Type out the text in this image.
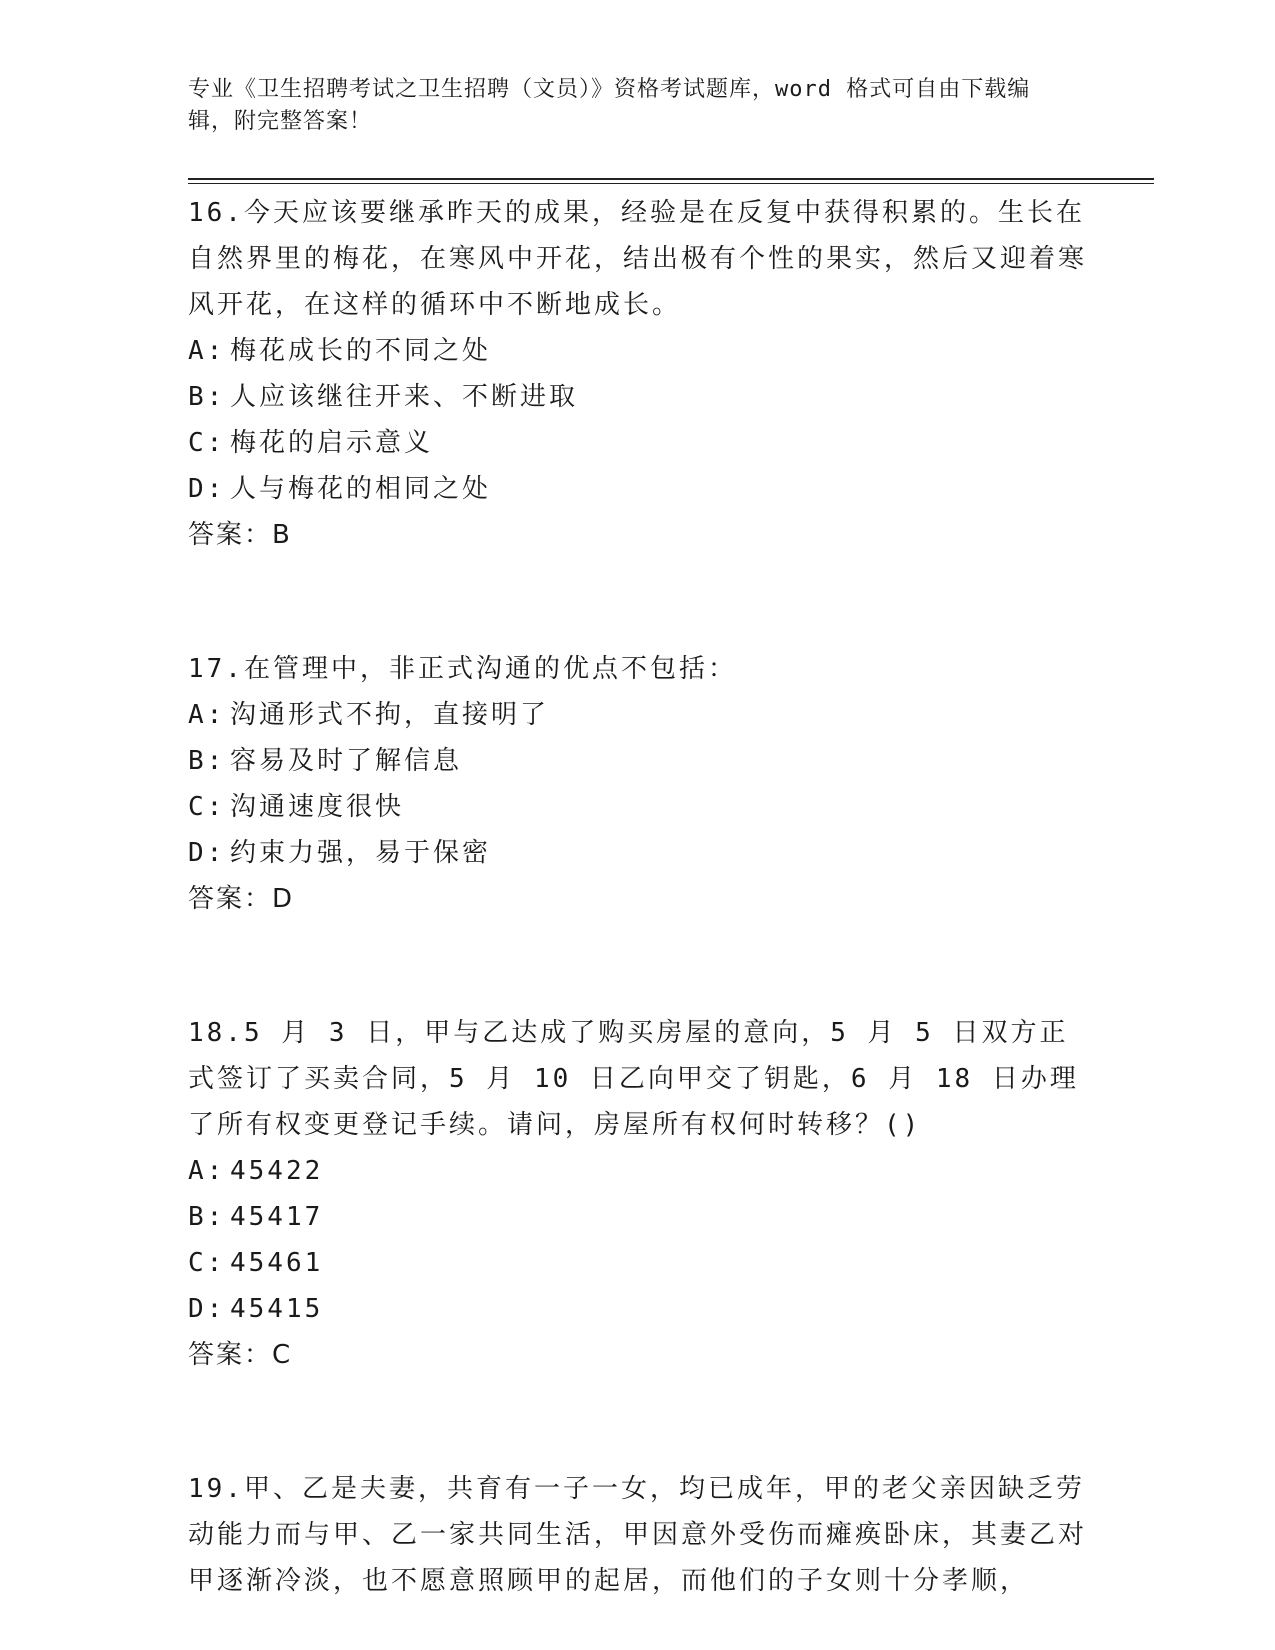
专业《卫生招聘考试之卫生招聘（文员）》资格考试题库，word 格式可自由下载编辑，附完整答案！

16.今天应该要继承昨天的成果，经验是在反复中获得积累的。生长在自然界里的梅花，在寒风中开花，结出极有个性的果实，然后又迎着寒风开花，在这样的循环中不断地成长。

A: 梅花成长的不同之处

B: 人应该继往开来、不断进取

C: 梅花的启示意义

D: 人与梅花的相同之处

答案：B

17.在管理中，非正式沟通的优点不包括：

A: 沟通形式不拘，直接明了

B: 容易及时了解信息

C: 沟通速度很快

D: 约束力强，易于保密

答案：D

18.5 月 3 日，甲与乙达成了购买房屋的意向，5 月 5 日双方正式签订了买卖合同，5 月 10 日乙向甲交了钥匙，6 月 18 日办理了所有权变更登记手续。请问，房屋所有权何时转移？()

A: 45422

B: 45417

C: 45461

D: 45415

答案：C

19.甲、乙是夫妻，共育有一子一女，均已成年，甲的老父亲因缺乏劳动能力而与甲、乙一家共同生活，甲因意外受伤而瘫痪卧床，其妻乙对甲逐渐冷淡，也不愿意照顾甲的起居，而他们的子女则十分孝顺，
